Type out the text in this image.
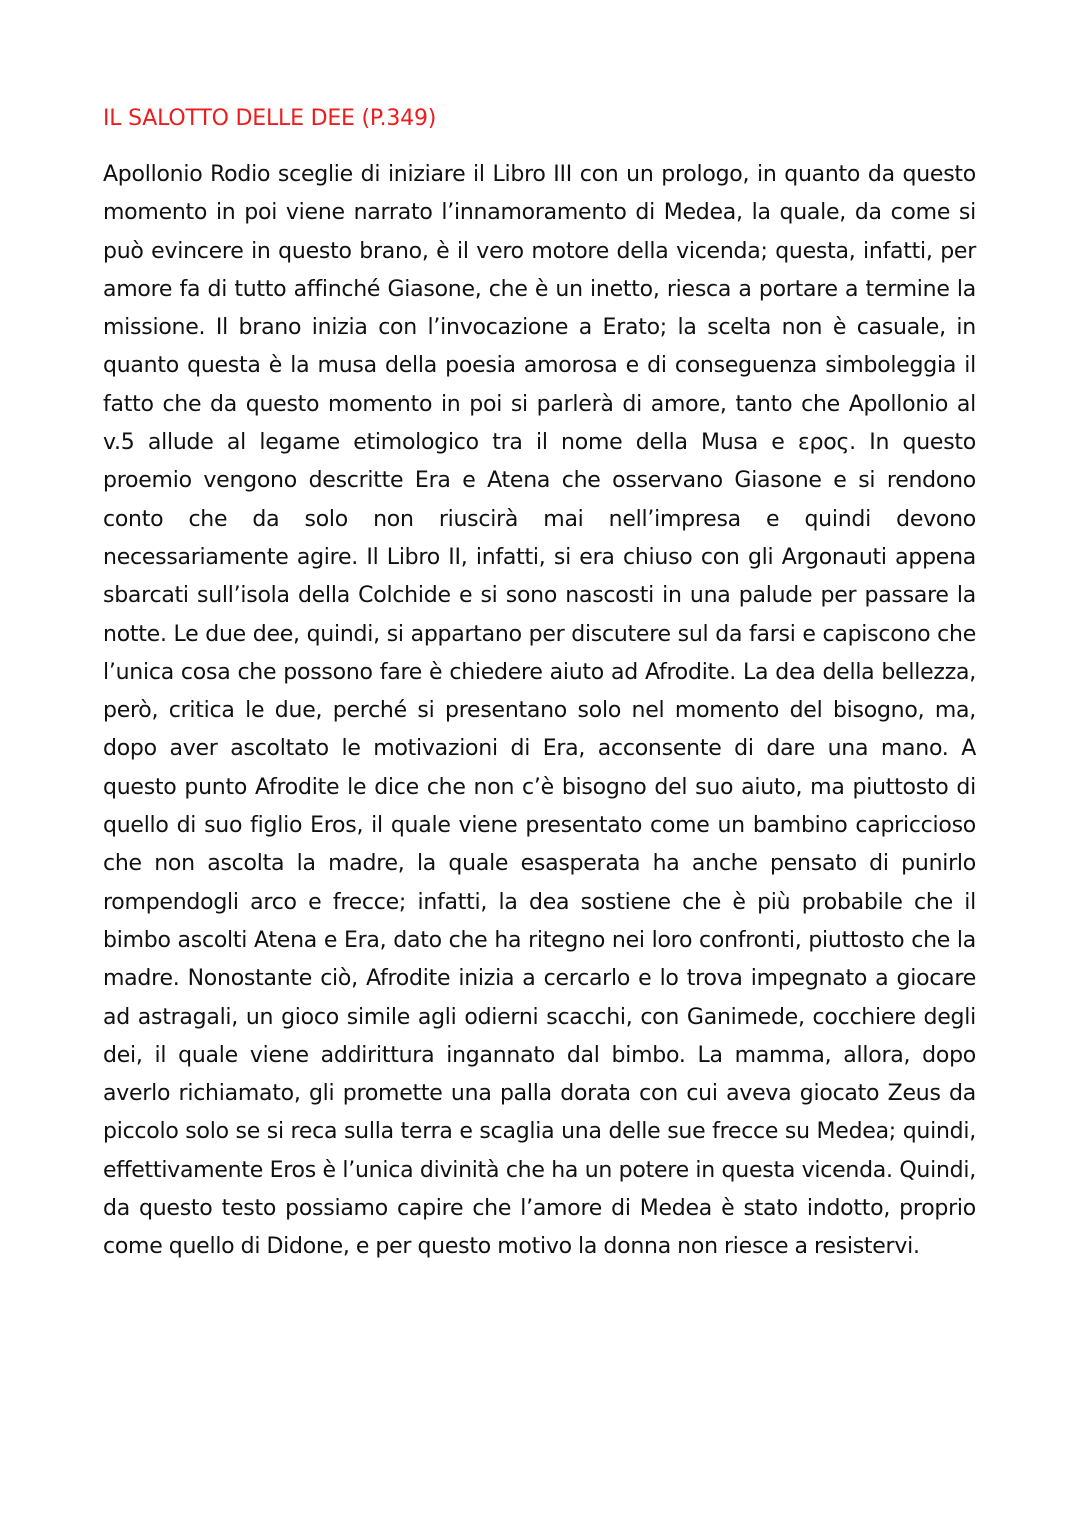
IL SALOTTO DELLE DEE (P.349)

Apollonio Rodio sceglie di iniziare il Libro III con un prologo, in quanto da questo momento in poi viene narrato l’innamoramento di Medea, la quale, da come si può evincere in questo brano, è il vero motore della vicenda; questa, infatti, per amore fa di tutto affinché Giasone, che è un inetto, riesca a portare a termine la missione. Il brano inizia con l’invocazione a Erato; la scelta non è casuale, in quanto questa è la musa della poesia amorosa e di conseguenza simboleggia il fatto che da questo momento in poi si parlerà di amore, tanto che Apollonio al v.5 allude al legame etimologico tra il nome della Musa e ερος. In questo proemio vengono descritte Era e Atena che osservano Giasone e si rendono conto che da solo non riuscirà mai nell’impresa e quindi devono necessariamente agire. Il Libro II, infatti, si era chiuso con gli Argonauti appena sbarcati sull’isola della Colchide e si sono nascosti in una palude per passare la notte. Le due dee, quindi, si appartano per discutere sul da farsi e capiscono che l’unica cosa che possono fare è chiedere aiuto ad Afrodite. La dea della bellezza, però, critica le due, perché si presentano solo nel momento del bisogno, ma, dopo aver ascoltato le motivazioni di Era, acconsente di dare una mano. A questo punto Afrodite le dice che non c’è bisogno del suo aiuto, ma piuttosto di quello di suo figlio Eros, il quale viene presentato come un bambino capriccioso che non ascolta la madre, la quale esasperata ha anche pensato di punirlo rompendogli arco e frecce; infatti, la dea sostiene che è più probabile che il bimbo ascolti Atena e Era, dato che ha ritegno nei loro confronti, piuttosto che la madre. Nonostante ciò, Afrodite inizia a cercarlo e lo trova impegnato a giocare ad astragali, un gioco simile agli odierni scacchi, con Ganimede, cocchiere degli dei, il quale viene addirittura ingannato dal bimbo. La mamma, allora, dopo averlo richiamato, gli promette una palla dorata con cui aveva giocato Zeus da piccolo solo se si reca sulla terra e scaglia una delle sue frecce su Medea; quindi, effettivamente Eros è l’unica divinità che ha un potere in questa vicenda. Quindi, da questo testo possiamo capire che l’amore di Medea è stato indotto, proprio come quello di Didone, e per questo motivo la donna non riesce a resistervi.
